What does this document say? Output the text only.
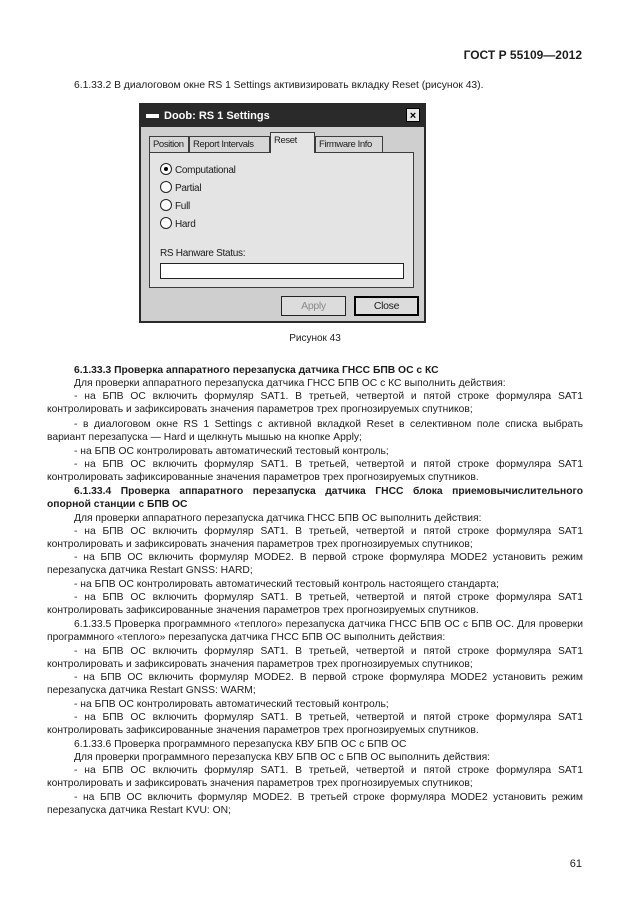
ГОСТ Р 55109—2012

6.1.33.2 В диалоговом окне RS 1 Settings активизировать вкладку Reset (рисунок 43).

Doob: RS 1 Settings	×
Position Report Intervals	Reset	Firmware Info
Computational
Partial
Full
Hard
RS Hanware Status:
Apply	Close
Рисунок 43

6.1.33.3 Проверка аппаратного перезапуска датчика ГНСС БПВ ОС с КС

Для проверки аппаратного перезапуска датчика ГНСС БПВ ОС с КС выполнить действия:

- на БПВ ОС включить формуляр SAT1. В третьей, четвертой и пятой строке формуляра SAT1 контролировать и зафиксировать значения параметров трех прогнозируемых спутников;

- в диалоговом окне RS 1 Settings с активной вкладкой Reset в селективном поле списка выбрать вариант перезапуска — Hard и щелкнуть мышью на кнопке Apply;

- на БПВ ОС контролировать автоматический тестовый контроль;

- на БПВ ОС включить формуляр SAT1. В третьей, четвертой и пятой строке формуляра SAT1 контролировать зафиксированные значения параметров трех прогнозируемых спутников.

6.1.33.4 Проверка аппаратного перезапуска датчика ГНСС блока приемовычислительного опорной станции с БПВ ОС

Для проверки аппаратного перезапуска датчика ГНСС БПВ ОС выполнить действия:

- на БПВ ОС включить формуляр SAT1. В третьей, четвертой и пятой строке формуляра SAT1 контролировать и зафиксировать значения параметров трех прогнозируемых спутников;

- на БПВ ОС включить формуляр MODE2. В первой строке формуляра MODE2 установить режим перезапуска датчика Restart GNSS: HARD;

- на БПВ ОС контролировать автоматический тестовый контроль настоящего стандарта;

- на БПВ ОС включить формуляр SAT1. В третьей, четвертой и пятой строке формуляра SAT1 контролировать зафиксированные значения параметров трех прогнозируемых спутников.

6.1.33.5 Проверка программного «теплого» перезапуска датчика ГНСС БПВ ОС с БПВ ОС. Для проверки программного «теплого» перезапуска датчика ГНСС БПВ ОС выполнить действия:

- на БПВ ОС включить формуляр SAT1. В третьей, четвертой и пятой строке формуляра SAT1 контролировать и зафиксировать значения параметров трех прогнозируемых спутников;

- на БПВ ОС включить формуляр MODE2. В первой строке формуляра MODE2 установить режим перезапуска датчика Restart GNSS: WARM;

- на БПВ ОС контролировать автоматический тестовый контроль;

- на БПВ ОС включить формуляр SAT1. В третьей, четвертой и пятой строке формуляра SAT1 контролировать зафиксированные значения параметров трех прогнозируемых спутников.

6.1.33.6 Проверка программного перезапуска КВУ БПВ ОС с БПВ ОС

Для проверки программного перезапуска КВУ БПВ ОС с БПВ ОС выполнить действия:

- на БПВ ОС включить формуляр SAT1. В третьей, четвертой и пятой строке формуляра SAT1 контролировать и зафиксировать значения параметров трех прогнозируемых спутников;

- на БПВ ОС включить формуляр MODE2. В третьей строке формуляра MODE2 установить режим перезапуска датчика Restart KVU: ON;

61
